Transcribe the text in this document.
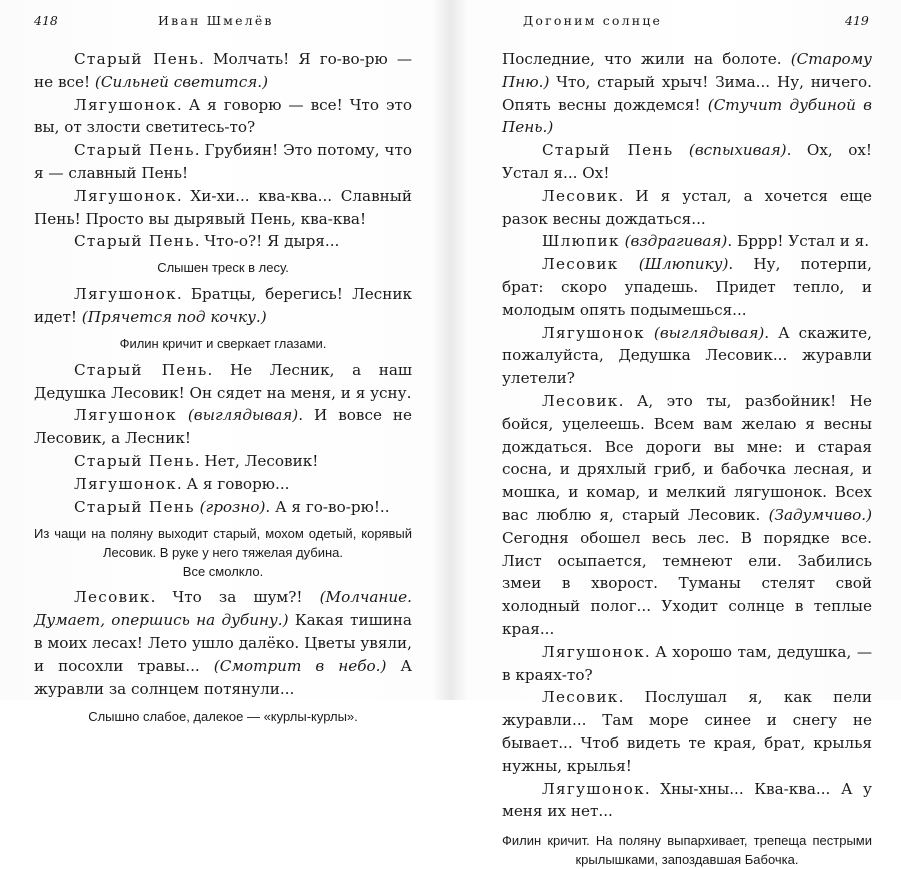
418	Иван Шмелёв

Старый Пень. Молчать! Я го-во-рю — не все! (Сильней светится.)

Лягушонок. А я говорю — все! Что это вы, от злости светитесь-то?

Старый Пень. Грубиян! Это потому, что я — славный Пень!

Лягушонок. Хи-хи... ква-ква... Славный Пень! Просто вы дырявый Пень, ква-ква!

Старый Пень. Что-о?! Я дыря...

Слышен треск в лесу.

Лягушонок. Братцы, берегись! Лесник идет! (Прячется под кочку.)

Филин кричит и сверкает глазами.

Старый Пень. Не Лесник, а наш Дедушка Лесовик! Он сядет на меня, и я усну.

Лягушонок (выглядывая). И вовсе не Лесовик, а Лесник!

Старый Пень. Нет, Лесовик!

Лягушонок. А я говорю...

Старый Пень (грозно). А я го-во-рю!..

Из чащи на поляну выходит старый, мохом одетый, корявый Лесовик. В руке у него тяжелая дубина.

Все смолкло.

Лесовик. Что за шум?! (Молчание. Думает, опершись на дубину.) Какая тишина в моих лесах! Лето ушло далёко. Цветы увяли, и посохли травы... (Смотрит в небо.) А журавли за солнцем потянули...

Слышно слабое, далекое — «курлы-курлы».

Догоним солнце	419

Последние, что жили на болоте. (Старому Пню.) Что, старый хрыч! Зима... Ну, ничего. Опять весны дождемся! (Стучит дубиной в Пень.)

Старый Пень (вспыхивая). Ох, ох! Устал я... Ох!

Лесовик. И я устал, а хочется еще разок весны дождаться...

Шлюпик (вздрагивая). Бррр! Устал и я.

Лесовик (Шлюпику). Ну, потерпи, брат: скоро упадешь. Придет тепло, и молодым опять подымешься...

Лягушонок (выглядывая). А скажите, пожалуйста, Дедушка Лесовик... журавли улетели?

Лесовик. А, это ты, разбойник! Не бойся, уцелеешь. Всем вам желаю я весны дождаться. Все дороги вы мне: и старая сосна, и дряхлый гриб, и бабочка лесная, и мошка, и комар, и мелкий лягушонок. Всех вас люблю я, старый Лесовик. (Задумчиво.) Сегодня обошел весь лес. В порядке все. Лист осыпается, темнеют ели. Забились змеи в хворост. Туманы стелят свой холодный полог... Уходит солнце в теплые края...

Лягушонок. А хорошо там, дедушка, — в краях-то?

Лесовик. Послушал я, как пели журавли... Там море синее и снегу не бывает... Чтоб видеть те края, брат, крылья нужны, крылья!

Лягушонок. Хны-хны... Ква-ква... А у меня их нет...

Филин кричит. На поляну выпархивает, трепеща пестрыми крылышками, запоздавшая Бабочка.
